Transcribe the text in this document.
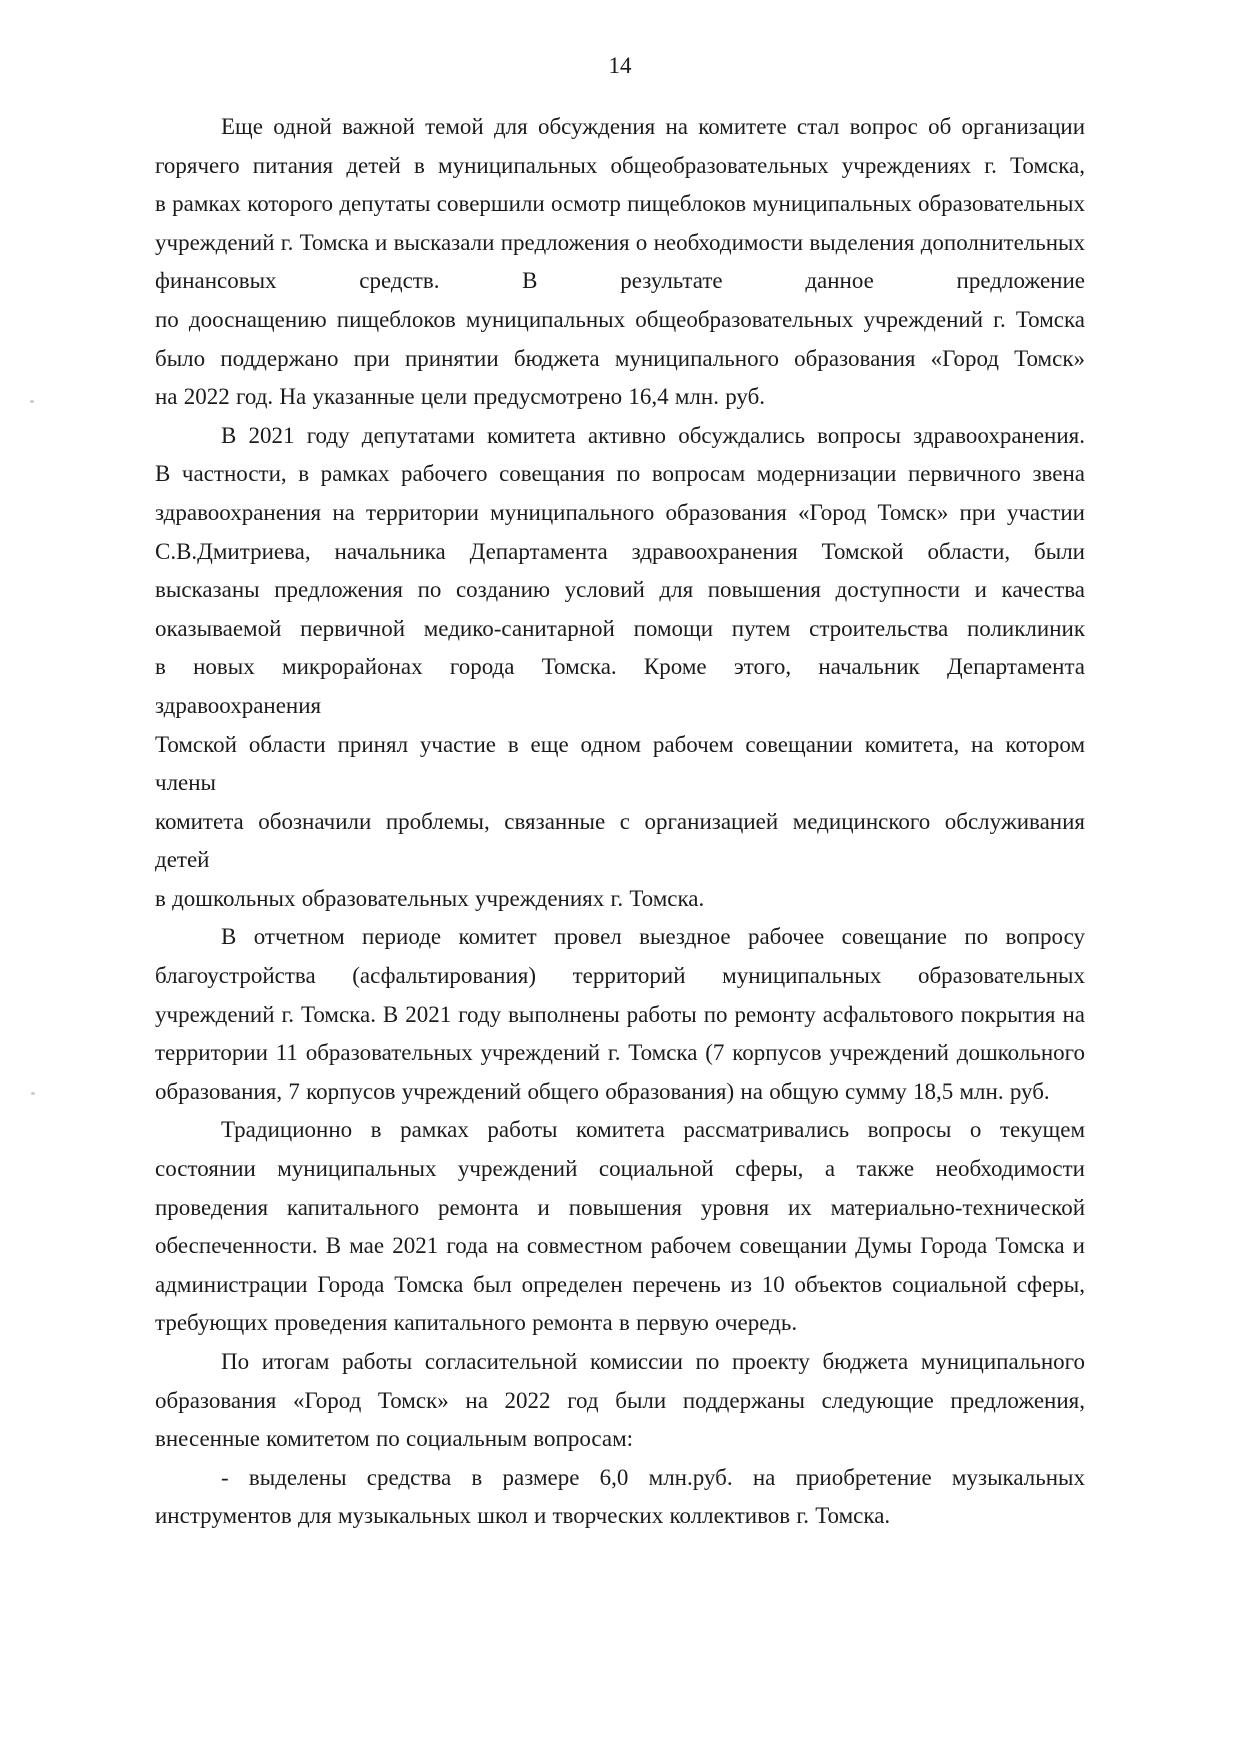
14
Еще одной важной темой для обсуждения на комитете стал вопрос об организации
горячего питания детей в муниципальных общеобразовательных учреждениях г. Томска,
в рамках которого депутаты совершили осмотр пищеблоков муниципальных образовательных
учреждений г. Томска и высказали предложения о необходимости выделения дополнительных
финансовых средств. В результате данное предложение
по дооснащению пищеблоков муниципальных общеобразовательных учреждений г. Томска
было поддержано при принятии бюджета муниципального образования «Город Томск»
на 2022 год. На указанные цели предусмотрено 16,4 млн. руб.
В 2021 году депутатами комитета активно обсуждались вопросы здравоохранения.
В частности, в рамках рабочего совещания по вопросам модернизации первичного звена
здравоохранения на территории муниципального образования «Город Томск» при участии
С.В.Дмитриева, начальника Департамента здравоохранения Томской области, были
высказаны предложения по созданию условий для повышения доступности и качества
оказываемой первичной медико-санитарной помощи путем строительства поликлиник
в новых микрорайонах города Томска. Кроме этого, начальник Департамента здравоохранения
Томской области принял участие в еще одном рабочем совещании комитета, на котором члены
комитета обозначили проблемы, связанные с организацией медицинского обслуживания детей
в дошкольных образовательных учреждениях г. Томска.
В отчетном периоде комитет провел выездное рабочее совещание по вопросу
благоустройства (асфальтирования) территорий муниципальных образовательных
учреждений г. Томска. В 2021 году выполнены работы по ремонту асфальтового покрытия на
территории 11 образовательных учреждений г. Томска (7 корпусов учреждений дошкольного
образования, 7 корпусов учреждений общего образования) на общую сумму 18,5 млн. руб.
Традиционно в рамках работы комитета рассматривались вопросы о текущем
состоянии муниципальных учреждений социальной сферы, а также необходимости
проведения капитального ремонта и повышения уровня их материально-технической
обеспеченности. В мае 2021 года на совместном рабочем совещании Думы Города Томска и
администрации Города Томска был определен перечень из 10 объектов социальной сферы,
требующих проведения капитального ремонта в первую очередь.
По итогам работы согласительной комиссии по проекту бюджета муниципального
образования «Город Томск» на 2022 год были поддержаны следующие предложения,
внесенные комитетом по социальным вопросам:
- выделены средства в размере 6,0 млн.руб. на приобретение музыкальных
инструментов для музыкальных школ и творческих коллективов г. Томска.
